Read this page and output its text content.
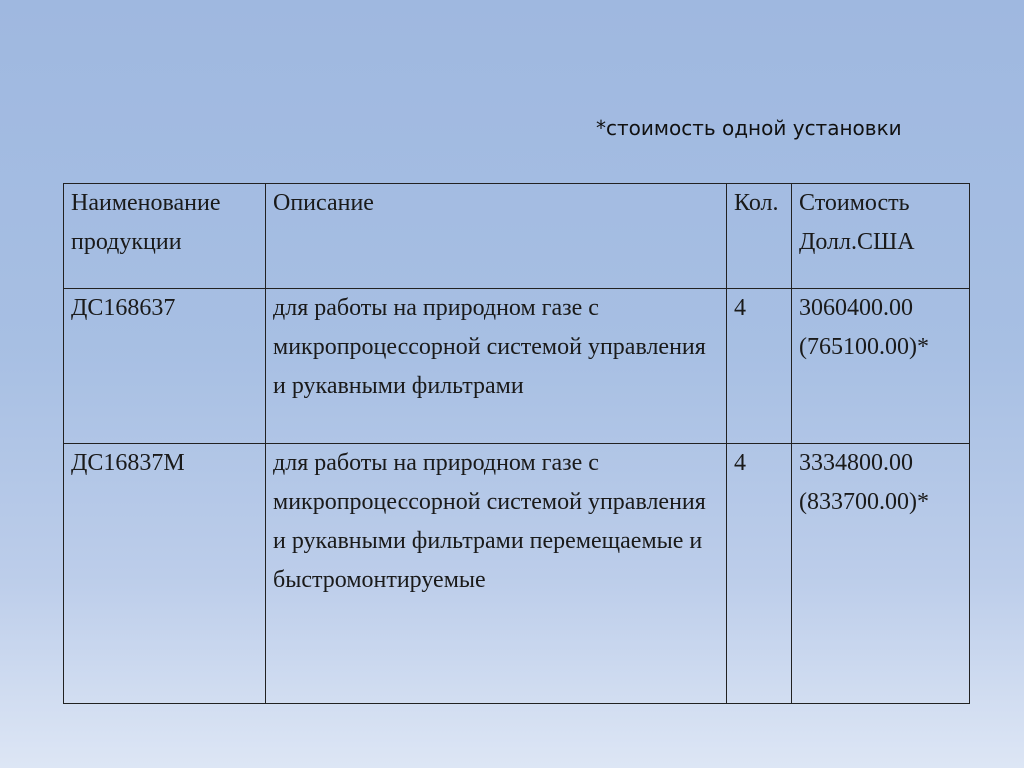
*стоимость одной установки
Наименование продукции	Описание	Кол.	Стоимость Долл.США
ДС168637	для работы на природном газе с микропроцессорной системой управления и рукавными фильтрами	4	3060400.00
(765100.00)*

ДС16837М	для работы на природном газе с микропроцессорной системой управления и рукавными фильтрами перемещаемые и быстромонтируемые	4	3334800.00
(833700.00)*
